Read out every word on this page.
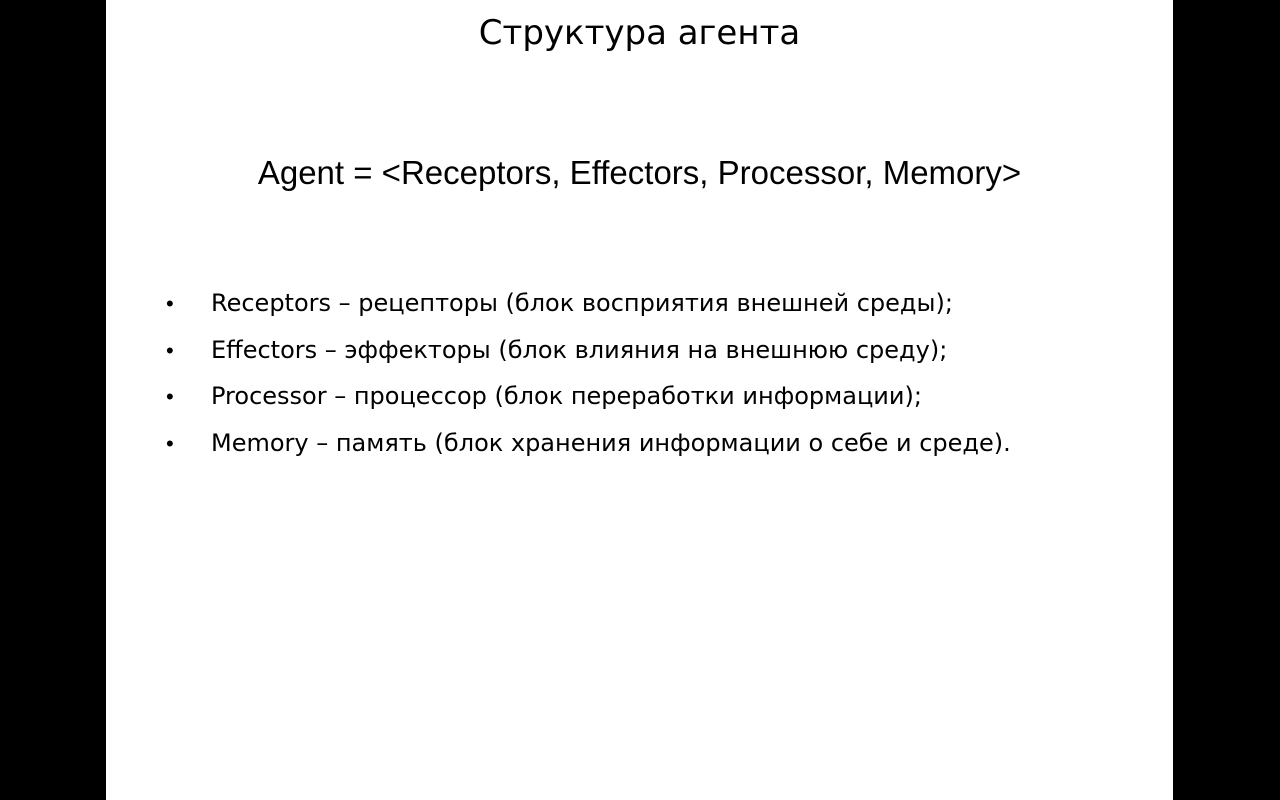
Структура агента
Agent = <Receptors, Effectors, Processor, Memory>
•	Receptors – рецепторы (блок восприятия внешней среды);
•	Effectors – эффекторы (блок влияния на внешнюю среду);
•	Processor – процессор (блок переработки информации);
•	Memory – память (блок хранения информации о себе и среде).
